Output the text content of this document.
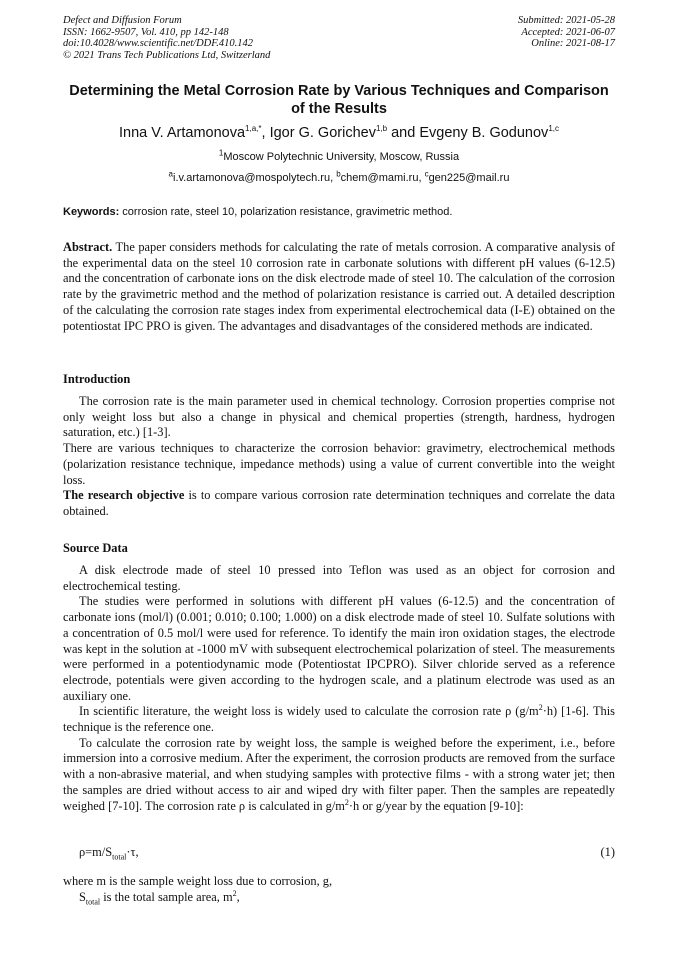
Defect and Diffusion Forum
ISSN: 1662-9507, Vol. 410, pp 142-148
doi:10.4028/www.scientific.net/DDF.410.142
© 2021 Trans Tech Publications Ltd, Switzerland
Submitted: 2021-05-28
Accepted: 2021-06-07
Online: 2021-08-17
Determining the Metal Corrosion Rate by Various Techniques and Comparison of the Results
Inna V. Artamonova$^{1,a,*}$, Igor G. Gorichev$^{1,b}$ and Evgeny B. Godunov$^{1,c}$
$^1$Moscow Polytechnic University, Moscow, Russia
$^a$i.v.artamonova@mospolytech.ru, $^b$chem@mami.ru, $^c$gen225@mail.ru
Keywords: corrosion rate, steel 10, polarization resistance, gravimetric method.

Abstract. The paper considers methods for calculating the rate of metals corrosion. A comparative analysis of the experimental data on the steel 10 corrosion rate in carbonate solutions with different pH values (6-12.5) and the concentration of carbonate ions on the disk electrode made of steel 10. The calculation of the corrosion rate by the gravimetric method and the method of polarization resistance is carried out. A detailed description of the calculating the corrosion rate stages index from experimental electrochemical data (I-E) obtained on the potentiostat IPC PRO is given. The advantages and disadvantages of the considered methods are indicated.

Introduction

The corrosion rate is the main parameter used in chemical technology. Corrosion properties comprise not only weight loss but also a change in physical and chemical properties (strength, hardness, hydrogen saturation, etc.) [1-3].

There are various techniques to characterize the corrosion behavior: gravimetry, electrochemical methods (polarization resistance technique, impedance methods) using a value of current convertible into the weight loss.

The research objective is to compare various corrosion rate determination techniques and correlate the data obtained.

Source Data

A disk electrode made of steel 10 pressed into Teflon was used as an object for corrosion and electrochemical testing.

The studies were performed in solutions with different pH values (6-12.5) and the concentration of carbonate ions (mol/l) (0.001; 0.010; 0.100; 1.000) on a disk electrode made of steel 10. Sulfate solutions with a concentration of 0.5 mol/l were used for reference. To identify the main iron oxidation stages, the electrode was kept in the solution at -1000 mV with subsequent electrochemical polarization of steel. The measurements were performed in a potentiodynamic mode (Potentiostat IPCPRO). Silver chloride served as a reference electrode, potentials were given according to the hydrogen scale, and a platinum electrode was used as an auxiliary one.

In scientific literature, the weight loss is widely used to calculate the corrosion rate ρ $(g/m^2\cdot h)$ [1-6]. This technique is the reference one.

To calculate the corrosion rate by weight loss, the sample is weighed before the experiment, i.e., before immersion into a corrosive medium. After the experiment, the corrosion products are removed from the surface with a non-abrasive material, and when studying samples with protective films - with a strong water jet; then the samples are dried without access to air and wiped dry with filter paper. Then the samples are repeatedly weighed [7-10]. The corrosion rate ρ is calculated in $g/m^2\cdot h$ or g/year by the equation [9-10]:

$\rho=m/S_{total}\cdot\tau$,	(1)

where m is the sample weight loss due to corrosion, g,

$S_{total}$ is the total sample area, $m^2$,
